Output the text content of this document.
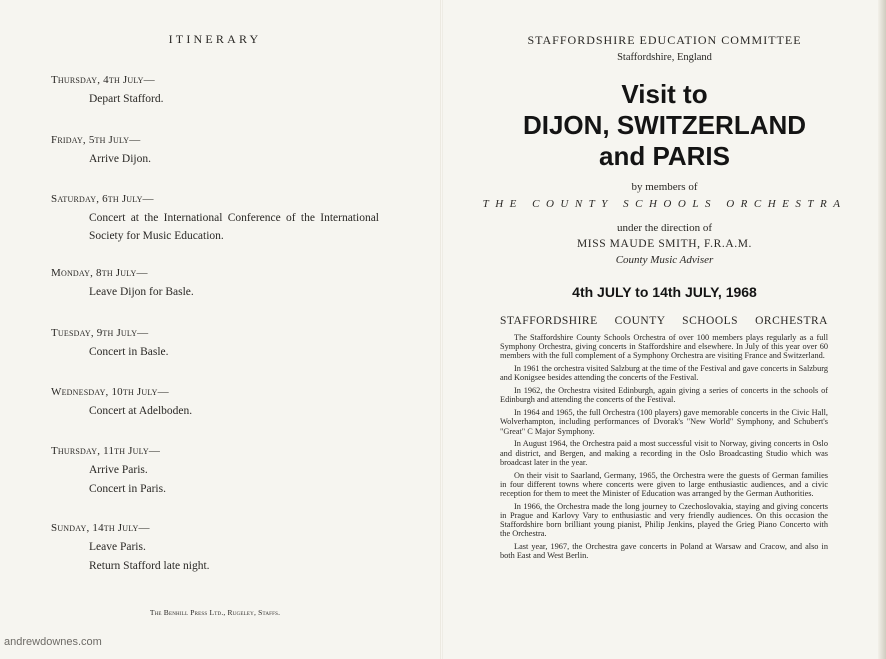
ITINERARY
Thursday, 4th July—
Depart Stafford.
Friday, 5th July—
Arrive Dijon.
Saturday, 6th July—
Concert at the International Conference of the International Society for Music Education.
Monday, 8th July—
Leave Dijon for Basle.
Tuesday, 9th July—
Concert in Basle.
Wednesday, 10th July—
Concert at Adelboden.
Thursday, 11th July—
Arrive Paris.
Concert in Paris.
Sunday, 14th July—
Leave Paris.
Return Stafford late night.
The Benhill Press Ltd., Rugeley, Staffs.
andrewdownes.com
STAFFORDSHIRE EDUCATION COMMITTEE
Staffordshire, England
Visit to
DIJON, SWITZERLAND
and PARIS
by members of
THE COUNTY SCHOOLS ORCHESTRA
under the direction of
MISS MAUDE SMITH, F.R.A.M.
County Music Adviser
4th JULY to 14th JULY, 1968
STAFFORDSHIRE COUNTY SCHOOLS ORCHESTRA

The Staffordshire County Schools Orchestra of over 100 members plays regularly as a full Symphony Orchestra, giving concerts in Staffordshire and elsewhere. In July of this year over 60 members with the full complement of a Symphony Orchestra are visiting France and Switzerland.

In 1961 the orchestra visited Salzburg at the time of the Festival and gave concerts in Salzburg and Konigsee besides attending the concerts of the Festival.

In 1962, the Orchestra visited Edinburgh, again giving a series of concerts in the schools of Edinburgh and attending the concerts of the Festival.

In 1964 and 1965, the full Orchestra (100 players) gave memorable concerts in the Civic Hall, Wolverhampton, including performances of Dvorak's "New World" Symphony, and Schubert's "Great" C Major Symphony.

In August 1964, the Orchestra paid a most successful visit to Norway, giving concerts in Oslo and district, and Bergen, and making a recording in the Oslo Broadcasting Studio which was broadcast later in the year.

On their visit to Saarland, Germany, 1965, the Orchestra were the guests of German families in four different towns where concerts were given to large enthusiastic audiences, and a civic reception for them to meet the Minister of Education was arranged by the German Authorities.

In 1966, the Orchestra made the long journey to Czechoslovakia, staying and giving concerts in Prague and Karlovy Vary to enthusiastic and very friendly audiences. On this occasion the Staffordshire born brilliant young pianist, Philip Jenkins, played the Grieg Piano Concerto with the Orchestra.

Last year, 1967, the Orchestra gave concerts in Poland at Warsaw and Cracow, and also in both East and West Berlin.
